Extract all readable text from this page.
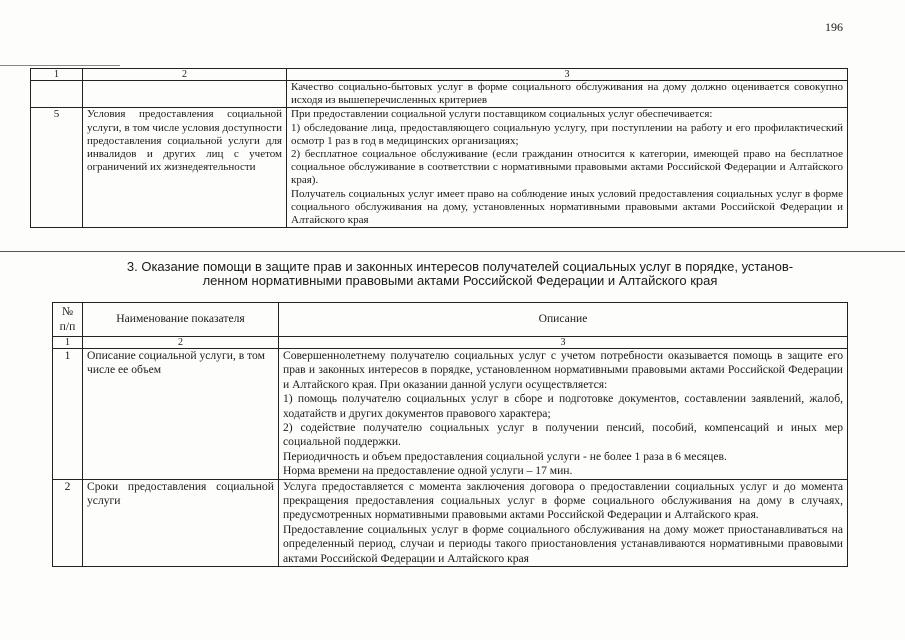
196
1	2	3
		Качество социально-бытовых услуг в форме социального обслуживания на дому должно оценивается совокупно исходя из вышеперечисленных критериев
5	Условия предоставления социальной услуги, в том числе условия доступности предоставления социальной услуги для инвалидов и других лиц с учетом ограничений их жизнедеятельности	При предоставлении социальной услуги поставщиком социальных услуг обеспечивается:

1) обследование лица, предоставляющего социальную услугу, при поступлении на работу и его профилактический осмотр 1 раз в год в медицинских организациях;

2) бесплатное социальное обслуживание (если гражданин относится к категории, имеющей право на бесплатное социальное обслуживание в соответствии с нормативными правовыми актами Российской Федерации и Алтайского края).

Получатель социальных услуг имеет право на соблюдение иных условий предоставления социальных услуг в форме социального обслуживания на дому, установленных нормативными правовыми актами Российской Федерации и Алтайского края

3. Оказание помощи в защите прав и законных интересов получателей социальных услуг в порядке, установ-
ленном нормативными правовыми актами Российской Федерации и Алтайского края
№ п/п	Наименование показателя	Описание
1	2	3
1	Описание социальной услуги, в том числе ее объем	Совершеннолетнему получателю социальных услуг с учетом потребности оказывается помощь в защите его прав и законных интересов в порядке, установленном нормативными правовыми актами Российской Федерации и Алтайского края. При оказании данной услуги осуществляется:

1) помощь получателю социальных услуг в сборе и подготовке документов, составлении заявлений, жалоб, ходатайств и других документов правового характера;

2) содействие получателю социальных услуг в получении пенсий, пособий, компенсаций и иных мер социальной поддержки.

Периодичность и объем предоставления социальной услуги - не более 1 раза в 6 месяцев.

Норма времени на предоставление одной услуги – 17 мин.

2	Сроки предоставления социальной услуги	Услуга предоставляется с момента заключения договора о предоставлении социальных услуг и до момента прекращения предоставления социальных услуг в форме социального обслуживания на дому в случаях, предусмотренных нормативными правовыми актами Российской Федерации и Алтайского края.

Предоставление социальных услуг в форме социального обслуживания на дому может приостанавливаться на определенный период, случаи и периоды такого приостановления устанавливаются нормативными правовыми актами Российской Федерации и Алтайского края
